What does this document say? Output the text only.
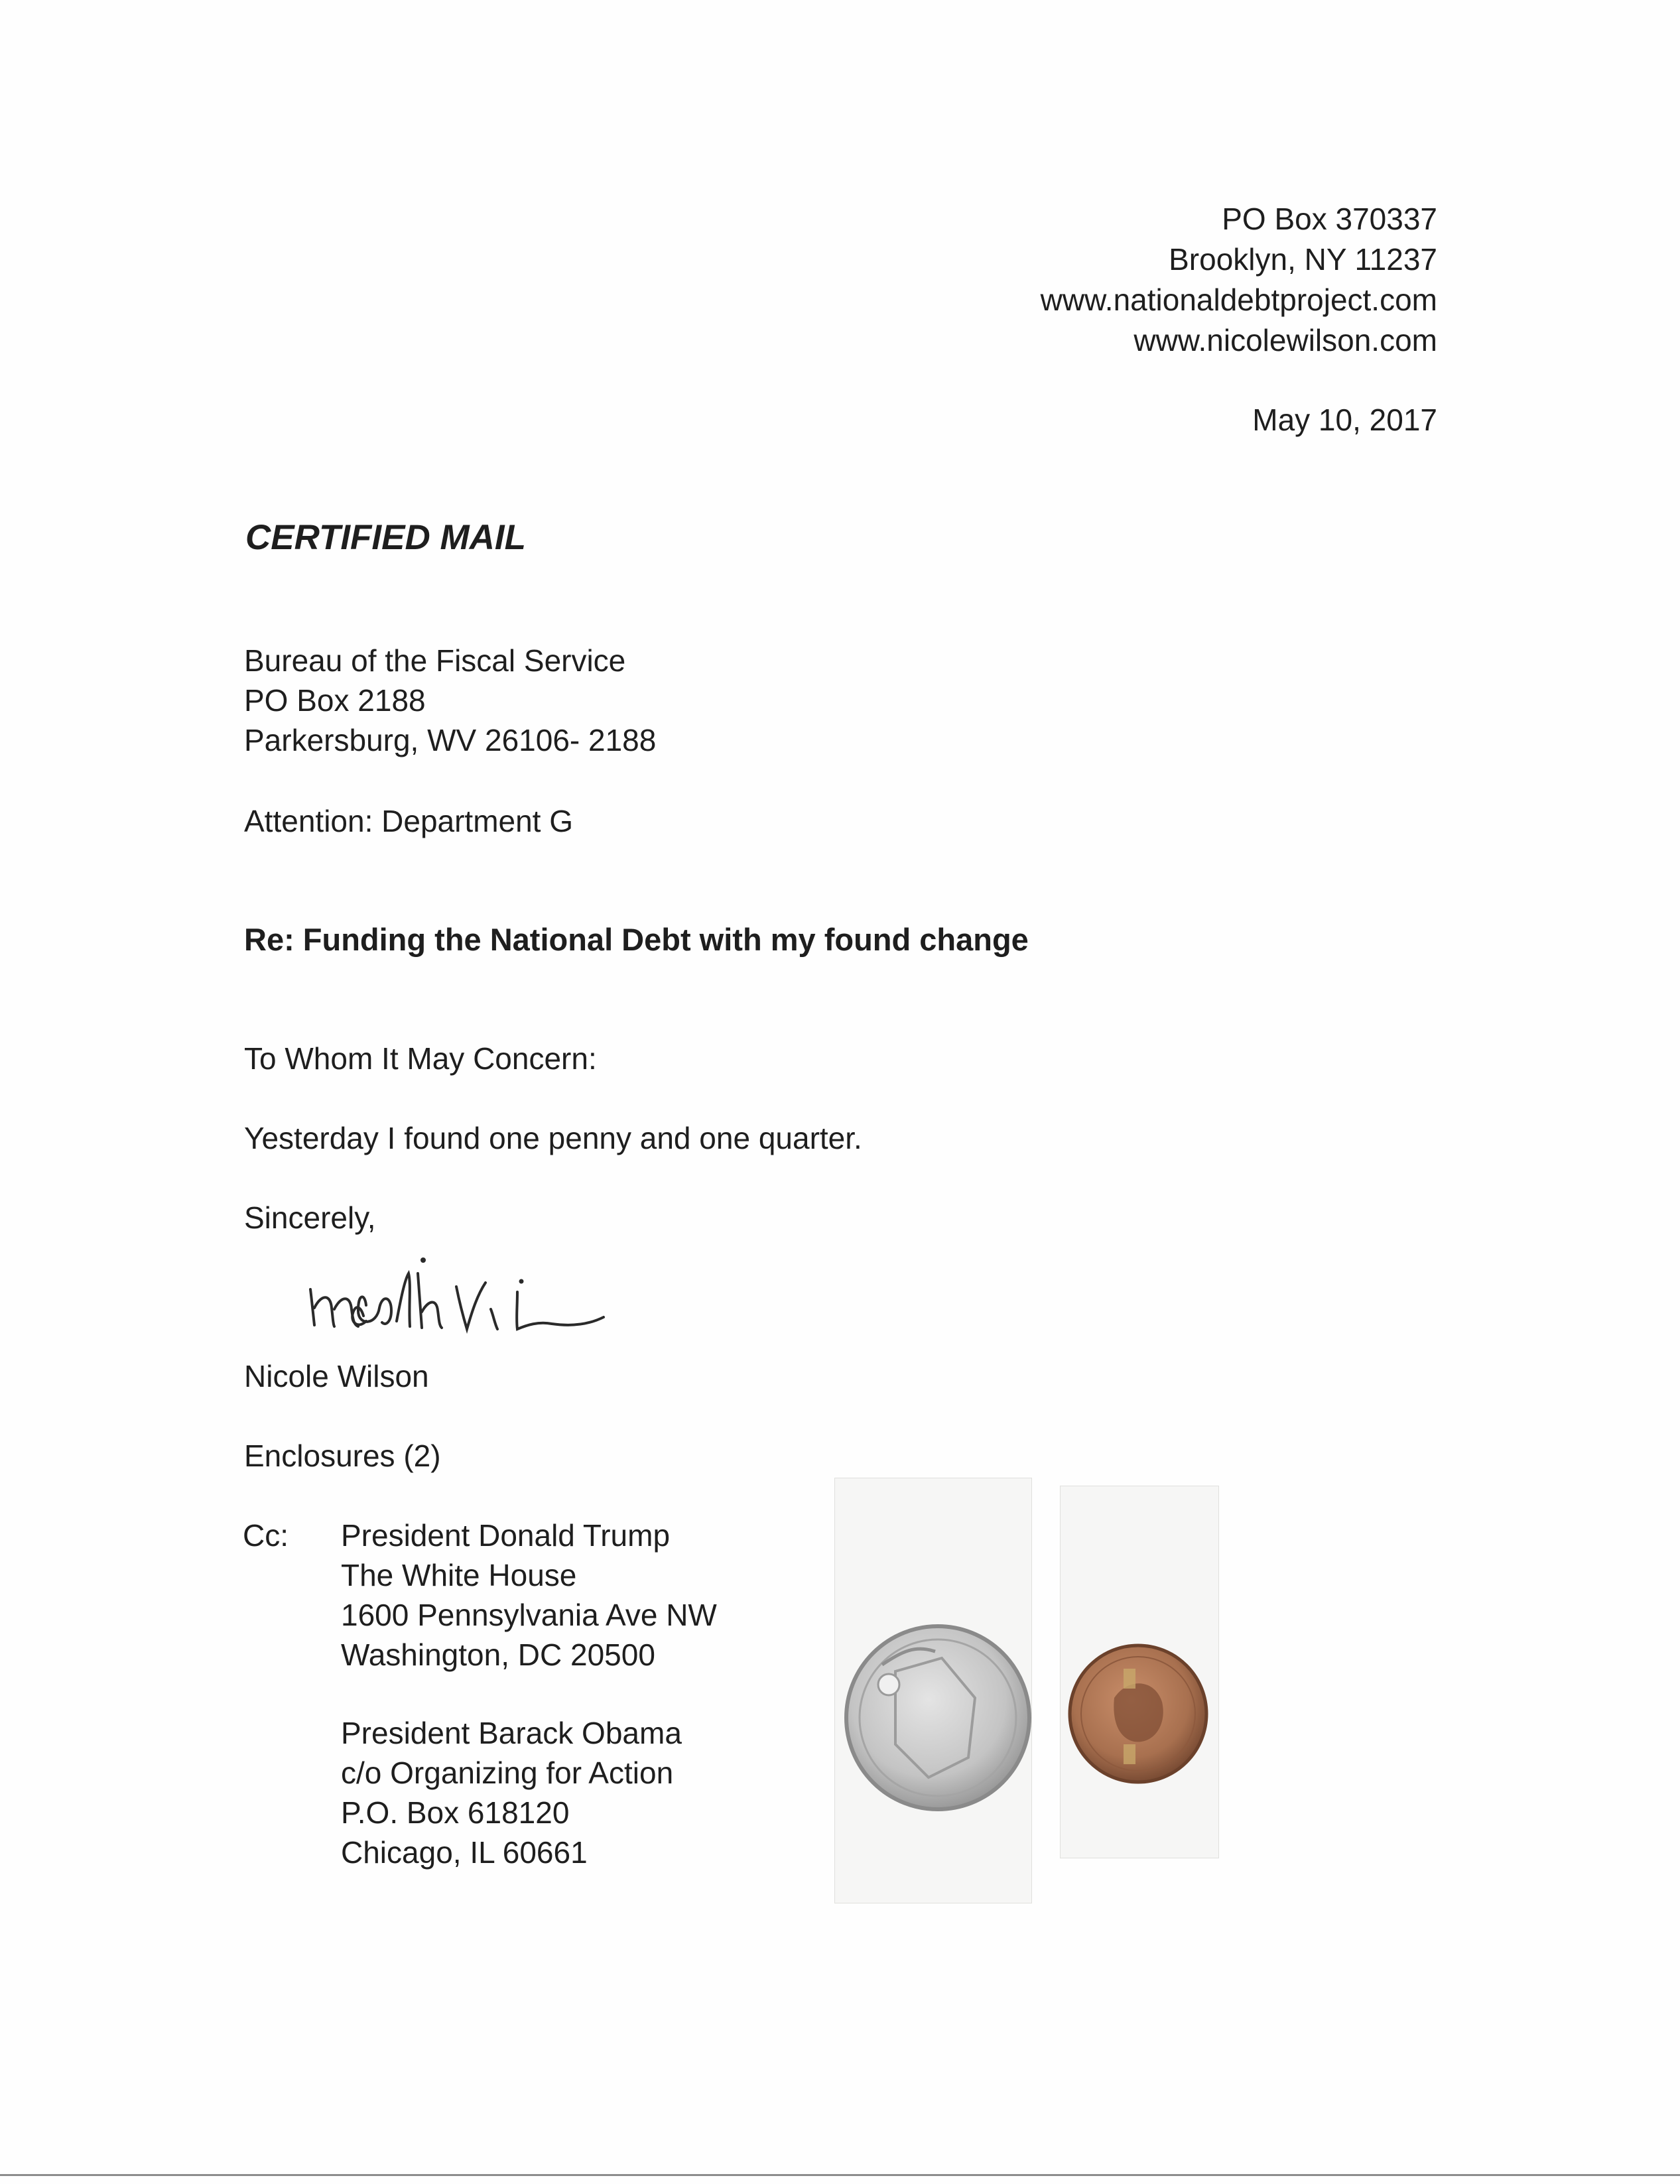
PO Box 370337
Brooklyn, NY 11237
www.nationaldebtproject.com
www.nicolewilson.com
May 10, 2017
CERTIFIED MAIL
Bureau of the Fiscal Service
PO Box 2188
Parkersburg, WV 26106- 2188
Attention: Department G
Re: Funding the National Debt with my found change
To Whom It May Concern:
Yesterday I found one penny and one quarter.
Sincerely,
Nicole Wilson
Enclosures (2)
Cc: President Donald Trump
The White House
1600 Pennsylvania Ave NW
Washington, DC 20500
President Barack Obama
c/o Organizing for Action
P.O. Box 618120
Chicago, IL 60661
